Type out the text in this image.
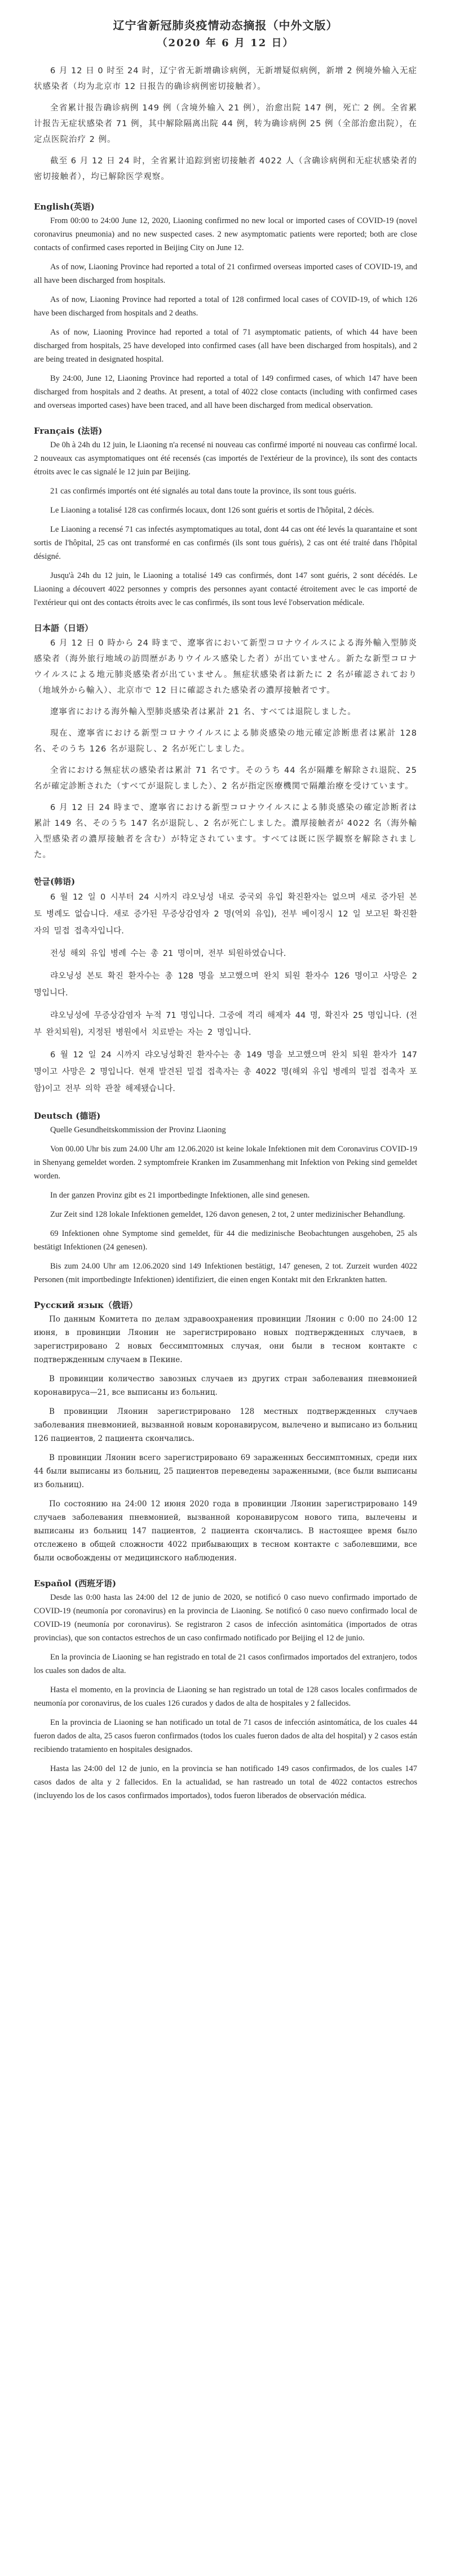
辽宁省新冠肺炎疫情动态摘报（中外文版）
（2020 年 6 月 12 日）

6 月 12 日 0 时至 24 时，辽宁省无新增确诊病例，无新增疑似病例，新增 2 例境外输入无症状感染者（均为北京市 12 日报告的确诊病例密切接触者）。

全省累计报告确诊病例 149 例（含境外输入 21 例），治愈出院 147 例，死亡 2 例。全省累计报告无症状感染者 71 例，其中解除隔离出院 44 例，转为确诊病例 25 例（全部治愈出院），在定点医院治疗 2 例。

截至 6 月 12 日 24 时，全省累计追踪到密切接触者 4022 人（含确诊病例和无症状感染者的密切接触者），均已解除医学观察。

English(英语)

From 00:00 to 24:00 June 12, 2020, Liaoning confirmed no new local or imported cases of COVID-19 (novel coronavirus pneumonia) and no new suspected cases. 2 new asymptomatic patients were reported; both are close contacts of confirmed cases reported in Beijing City on June 12.

As of now, Liaoning Province had reported a total of 21 confirmed overseas imported cases of COVID-19, and all have been discharged from hospitals.

As of now, Liaoning Province had reported a total of 128 confirmed local cases of COVID-19, of which 126 have been discharged from hospitals and 2 deaths.

As of now, Liaoning Province had reported a total of 71 asymptomatic patients, of which 44 have been discharged from hospitals, 25 have developed into confirmed cases (all have been discharged from hospitals), and 2 are being treated in designated hospital.

By 24:00, June 12, Liaoning Province had reported a total of 149 confirmed cases, of which 147 have been discharged from hospitals and 2 deaths. At present, a total of 4022 close contacts (including with confirmed cases and overseas imported cases) have been traced, and all have been discharged from medical observation.

Français (法语)

De 0h à 24h du 12 juin, le Liaoning n'a recensé ni nouveau cas confirmé importé ni nouveau cas confirmé local. 2 nouveaux cas asymptomatiques ont été recensés (cas importés de l'extérieur de la province), ils sont des contacts étroits avec le cas signalé le 12 juin par Beijing.

21 cas confirmés importés ont été signalés au total dans toute la province, ils sont tous guéris.

Le Liaoning a totalisé 128 cas confirmés locaux, dont 126 sont guéris et sortis de l'hôpital, 2 décès.

Le Liaoning a recensé 71 cas infectés asymptomatiques au total, dont 44 cas ont été levés la quarantaine et sont sortis de l'hôpital, 25 cas ont transformé en cas confirmés (ils sont tous guéris), 2 cas ont été traité dans l'hôpital désigné.

Jusqu'à 24h du 12 juin, le Liaoning a totalisé 149 cas confirmés, dont 147 sont guéris, 2 sont décédés. Le Liaoning a découvert 4022 personnes y compris des personnes ayant contacté étroitement avec le cas importé de l'extérieur qui ont des contacts étroits avec le cas confirmés, ils sont tous levé l'observation médicale.

日本語（日语）

6 月 12 日 0 時から 24 時まで、遼寧省において新型コロナウイルスによる海外輸入型肺炎感染者（海外旅行地域の訪問歴がありウイルス感染した者）が出ていません。新たな新型コロナウイルスによる地元肺炎感染者が出ていません。無症状感染者は新たに 2 名が確認されており（地域外から輸入）、北京市で 12 日に確認された感染者の濃厚接触者です。

遼寧省における海外輸入型肺炎感染者は累計 21 名、すべては退院しました。

現在、遼寧省における新型コロナウイルスによる肺炎感染の地元確定診断患者は累計 128 名、そのうち 126 名が退院し、2 名が死亡しました。

全省における無症状の感染者は累計 71 名です。そのうち 44 名が隔離を解除され退院、25 名が確定診断された（すべてが退院しました）、2 名が指定医療機関で隔離治療を受けています。

6 月 12 日 24 時まで、遼寧省における新型コロナウイルスによる肺炎感染の確定診断者は累計 149 名、そのうち 147 名が退院し、2 名が死亡しました。濃厚接触者が 4022 名（海外輸入型感染者の濃厚接触者を含む）が特定されています。すべては既に医学観察を解除されました。

한글(韩语)

6 월 12 일 0 시부터 24 시까지 랴오닝성 내로 중국외 유입 확진환자는 없으며 새로 증가된 본토 병례도 없습니다. 새로 증가된 무증상감염자 2 명(역외 유입), 전부 베이징시 12 일 보고된 확진환자의 밀접 접촉자입니다.

전성 해외 유입 병례 수는 총 21 명이며, 전부 퇴원하였습니다.

랴오닝성 본토 확진 환자수는 총 128 명을 보고했으며 완치 퇴원 환자수 126 명이고 사망은 2 명입니다.

랴오닝성에 무증상감염자 누적 71 명입니다. 그중에 격리 해제자 44 명, 확진자 25 명입니다. (전부 완치퇴원), 지정된 병원에서 치료받는 자는 2 명입니다.

6 월 12 일 24 시까지 랴오닝성확진 환자수는 총 149 명을 보고했으며 완치 퇴원 환자가 147 명이고 사망은 2 명입니다. 현재 발견된 밀접 접촉자는 총 4022 명(해외 유입 병례의 밀접 접촉자 포함)이고 전부 의학 관찰 해제됐습니다.

Deutsch (德语)

Quelle Gesundheitskommission der Provinz Liaoning

Von 00.00 Uhr bis zum 24.00 Uhr am 12.06.2020 ist keine lokale Infektionen mit dem Coronavirus COVID-19 in Shenyang gemeldet worden. 2 symptomfreie Kranken im Zusammenhang mit Infektion von Peking sind gemeldet worden.

In der ganzen Provinz gibt es 21 importbedingte Infektionen, alle sind genesen.

Zur Zeit sind 128 lokale Infektionen gemeldet, 126 davon genesen, 2 tot, 2 unter medizinischer Behandlung.

69 Infektionen ohne Symptome sind gemeldet, für 44 die medizinische Beobachtungen ausgehoben, 25 als bestätigt Infektionen (24 genesen).

Bis zum 24.00 Uhr am 12.06.2020 sind 149 Infektionen bestätigt, 147 genesen, 2 tot. Zurzeit wurden 4022 Personen (mit importbedingte Infektionen) identifiziert, die einen engen Kontakt mit den Erkrankten hatten.

Русский язык（俄语）

По данным Комитета по делам здравоохранения провинции Ляонин с 0:00 по 24:00 12 июня, в провинции Ляонин не зарегистрировано новых подтвержденных случаев, в зарегистрировано 2 новых бессимптомных случая, они были в тесном контакте с подтвержденным случаем в Пекине.

В провинции количество завозных случаев из других стран заболевания пневмонией коронавируса—21, все выписаны из больниц.

В провинции Ляонин зарегистрировано 128 местных подтвержденных случаев заболевания пневмонией, вызванной новым коронавирусом, вылечено и выписано из больниц 126 пациентов, 2 пациента скончались.

В провинции Ляонин всего зарегистрировано 69 зараженных бессимптомных, среди них 44 были выписаны из больниц, 25 пациентов переведены зараженными, (все были выписаны из больниц).

По состоянию на 24:00 12 июня 2020 года в провинции Ляонин зарегистрировано 149 случаев заболевания пневмонией, вызванной коронавирусом нового типа, вылечены и выписаны из больниц 147 пациентов, 2 пациента скончались. В настоящее время было отслежено в общей сложности 4022 прибывающих в тесном контакте с заболевшими, все были освобождены от медицинского наблюдения.

Español (西班牙语)

Desde las 0:00 hasta las 24:00 del 12 de junio de 2020, se notificó 0 caso nuevo confirmado importado de COVID-19 (neumonía por coronavirus) en la provincia de Liaoning. Se notificó 0 caso nuevo confirmado local de COVID-19 (neumonía por coronavirus). Se registraron 2 casos de infección asintomática (importados de otras provincias), que son contactos estrechos de un caso confirmado notificado por Beijing el 12 de junio.

En la provincia de Liaoning se han registrado en total de 21 casos confirmados importados del extranjero, todos los cuales son dados de alta.

Hasta el momento, en la provincia de Liaoning se han registrado un total de 128 casos locales confirmados de neumonía por coronavirus, de los cuales 126 curados y dados de alta de hospitales y 2 fallecidos.

En la provincia de Liaoning se han notificado un total de 71 casos de infección asintomática, de los cuales 44 fueron dados de alta, 25 casos fueron confirmados (todos los cuales fueron dados de alta del hospital) y 2 casos están recibiendo tratamiento en hospitales designados.

Hasta las 24:00 del 12 de junio, en la provincia se han notificado 149 casos confirmados, de los cuales 147 casos dados de alta y 2 fallecidos. En la actualidad, se han rastreado un total de 4022 contactos estrechos (incluyendo los de los casos confirmados importados), todos fueron liberados de observación médica.
